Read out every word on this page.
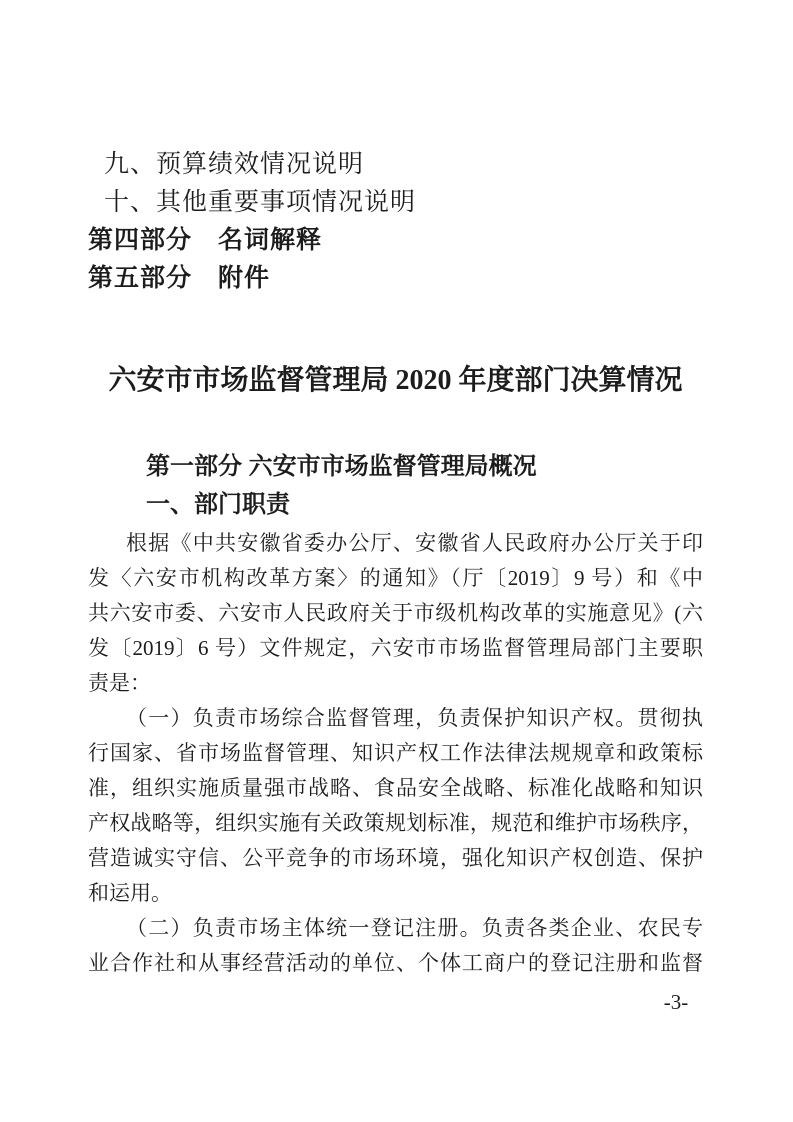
九、预算绩效情况说明
十、其他重要事项情况说明
第四部分　名词解释
第五部分　附件
六安市市场监督管理局 2020 年度部门决算情况
第一部分 六安市市场监督管理局概况
一、部门职责
根据《中共安徽省委办公厅、安徽省人民政府办公厅关于印
发〈六安市机构改革方案〉的通知》（厅〔2019〕9 号）和《中
共六安市委、六安市人民政府关于市级机构改革的实施意见》(六
发〔2019〕6 号）文件规定，六安市市场监督管理局部门主要职
责是：
（一）负责市场综合监督管理，负责保护知识产权。贯彻执
行国家、省市场监督管理、知识产权工作法律法规规章和政策标
准，组织实施质量强市战略、食品安全战略、标准化战略和知识
产权战略等，组织实施有关政策规划标准，规范和维护市场秩序，
营造诚实守信、公平竞争的市场环境，强化知识产权创造、保护
和运用。
（二）负责市场主体统一登记注册。负责各类企业、农民专
业合作社和从事经营活动的单位、个体工商户的登记注册和监督
-3-
